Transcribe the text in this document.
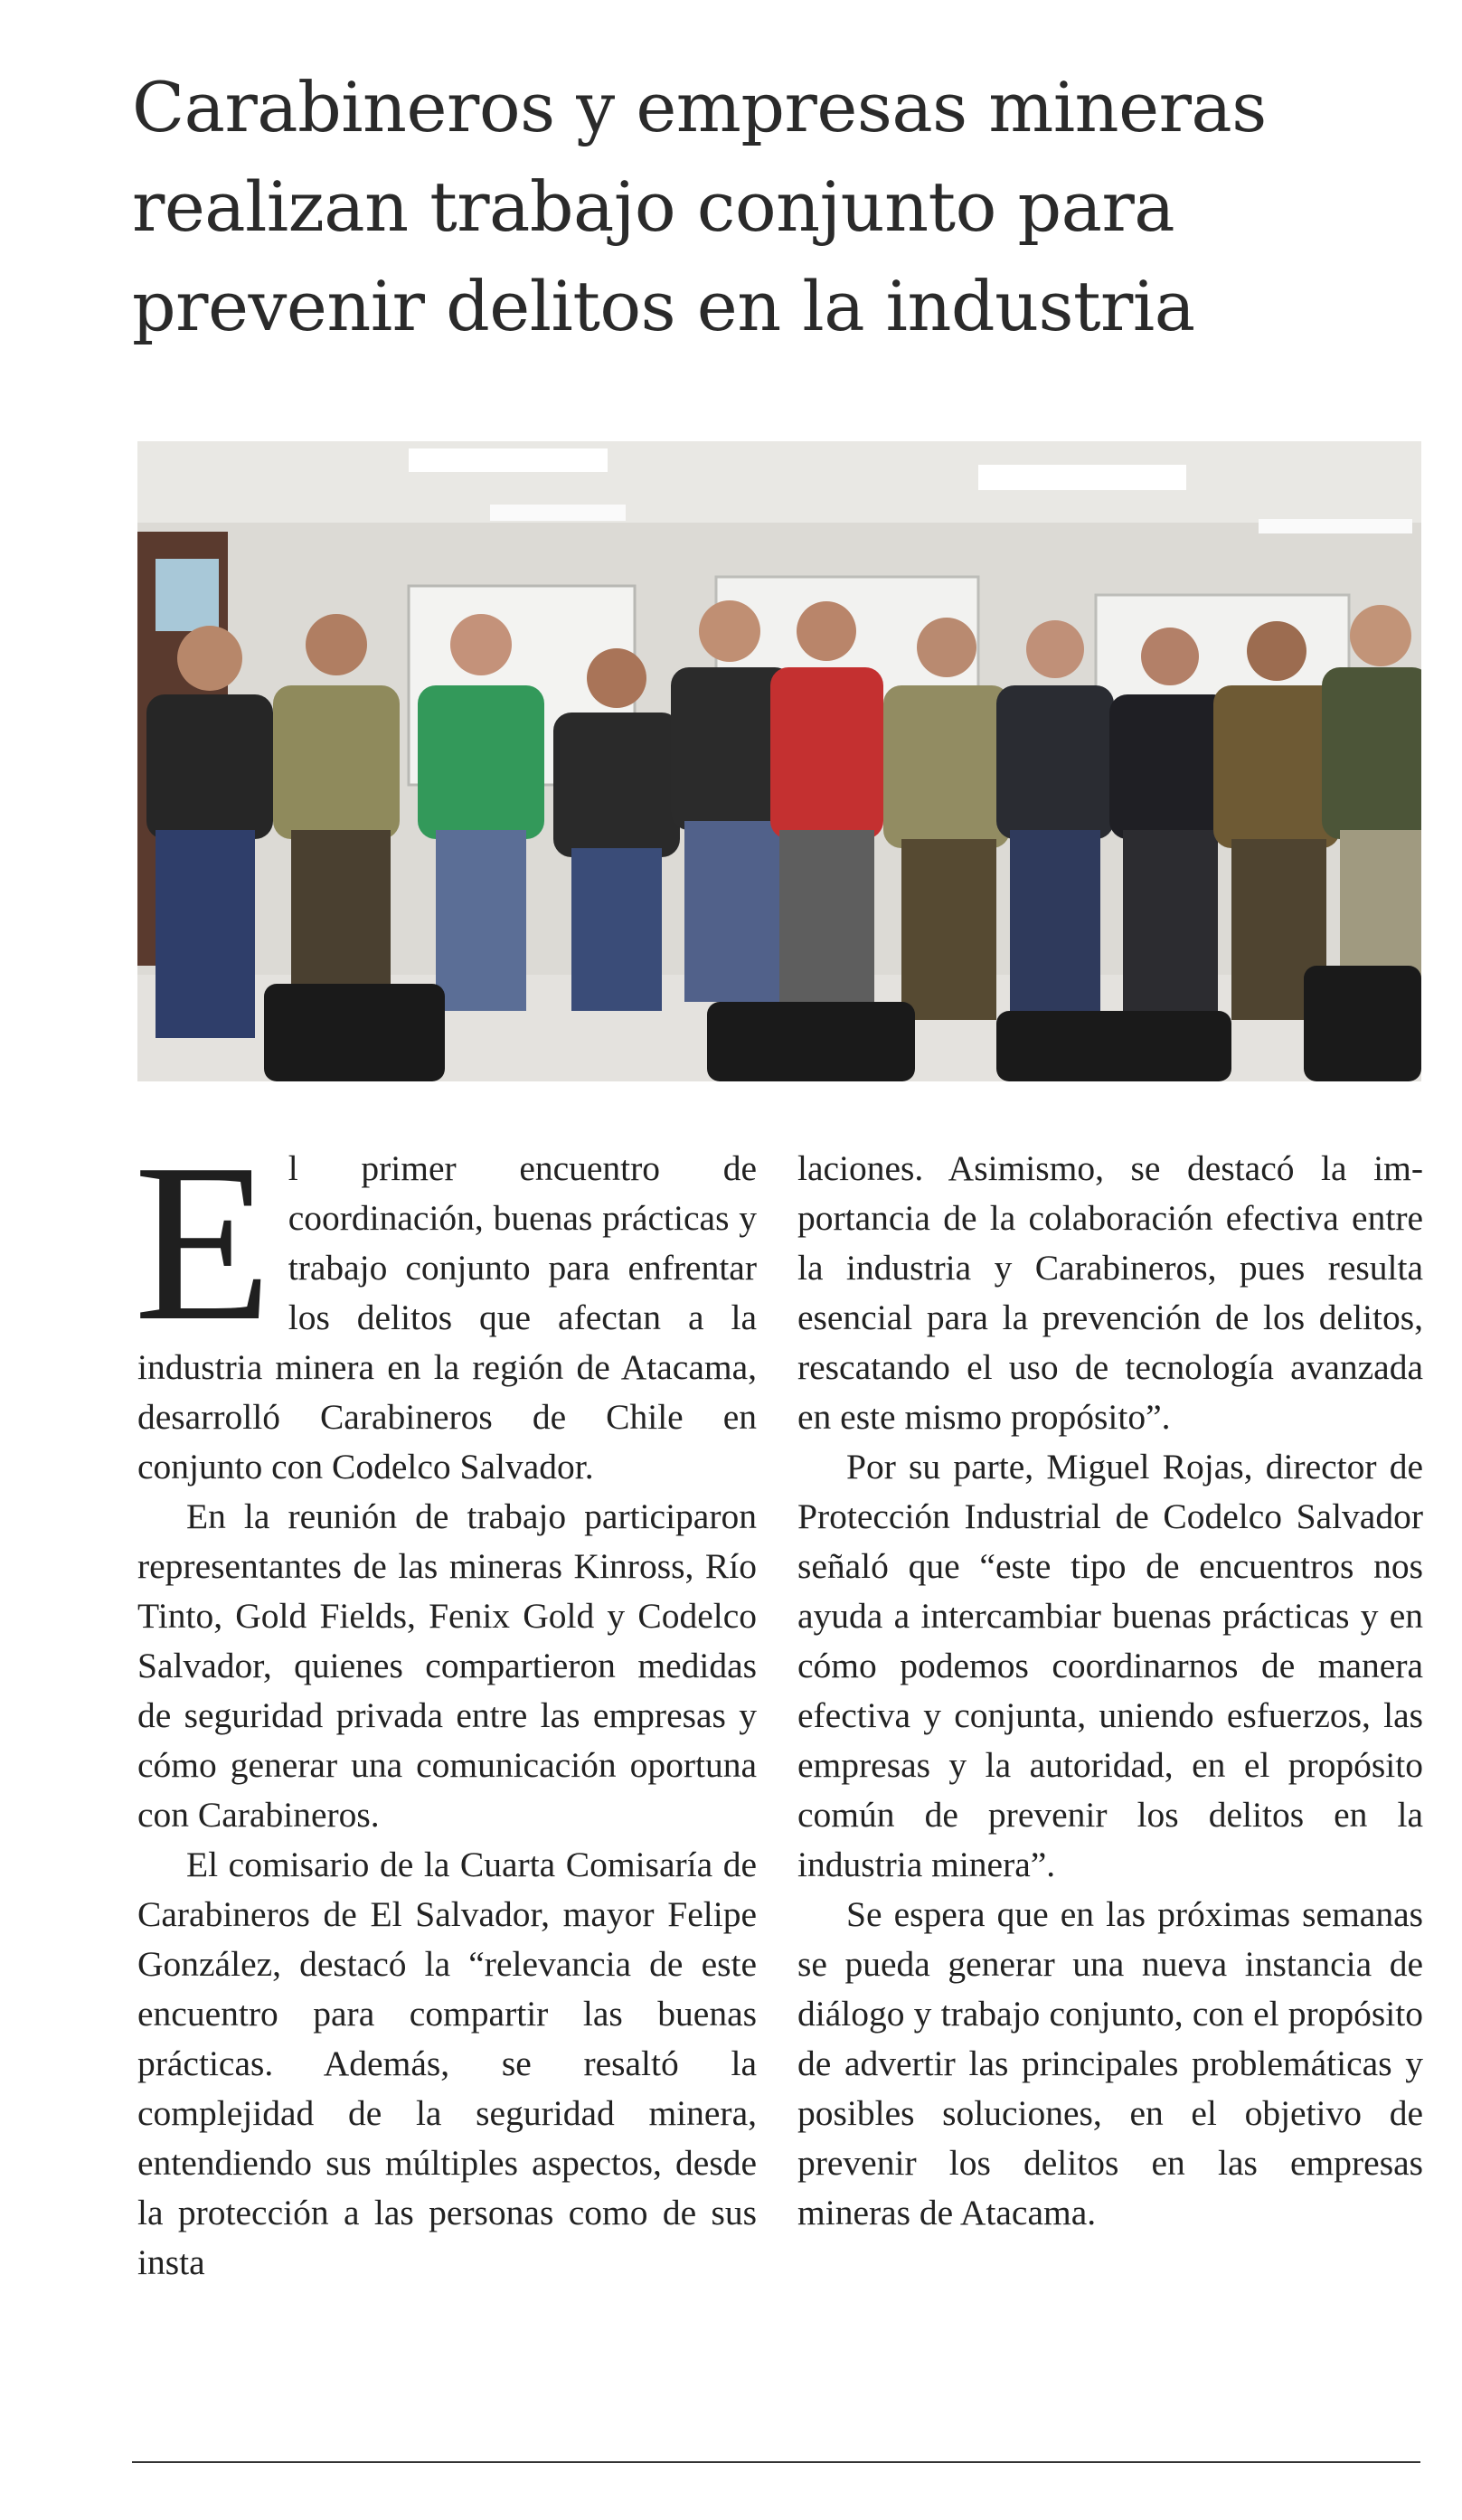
Carabineros y empresas mineras
realizan trabajo conjunto para
prevenir delitos en la industria
E l primer encuentro de coordinación, buenas prácticas y trabajo conjunto para enfrentar los delitos que afectan a la industria minera en la región de Atacama, desarrolló Carabineros de Chile en conjunto con Codelco Salvador.

En la reunión de trabajo participaron representantes de las mineras Kinross, Río Tinto, Gold Fields, Fenix Gold y Codelco Salvador, quienes compartieron medidas de seguridad privada entre las empresas y cómo generar una comunicación oportuna con Carabineros.

El comisario de la Cuarta Comisaría de Carabineros de El Salvador, mayor Felipe González, destacó la “relevancia de este encuentro para compartir las buenas prácticas. Además, se resaltó la complejidad de la seguridad minera, entendiendo sus múltiples aspectos, desde la protección a las personas como de sus insta

laciones. Asimismo, se destacó la importancia de la colaboración efectiva entre la industria y Carabineros, pues resulta esencial para la prevención de los delitos, rescatando el uso de tecnología avanzada en este mismo propósito”.

Por su parte, Miguel Rojas, director de Protección Industrial de Codelco Salvador señaló que “este tipo de encuentros nos ayuda a intercambiar buenas prácticas y en cómo podemos coordinarnos de manera efectiva y conjunta, uniendo esfuerzos, las empresas y la autoridad, en el propósito común de prevenir los delitos en la industria minera”.

Se espera que en las próximas semanas se pueda generar una nueva instancia de diálogo y trabajo conjunto, con el propósito de advertir las principales problemáticas y posibles soluciones, en el objetivo de prevenir los delitos en las empresas mineras de Atacama.
